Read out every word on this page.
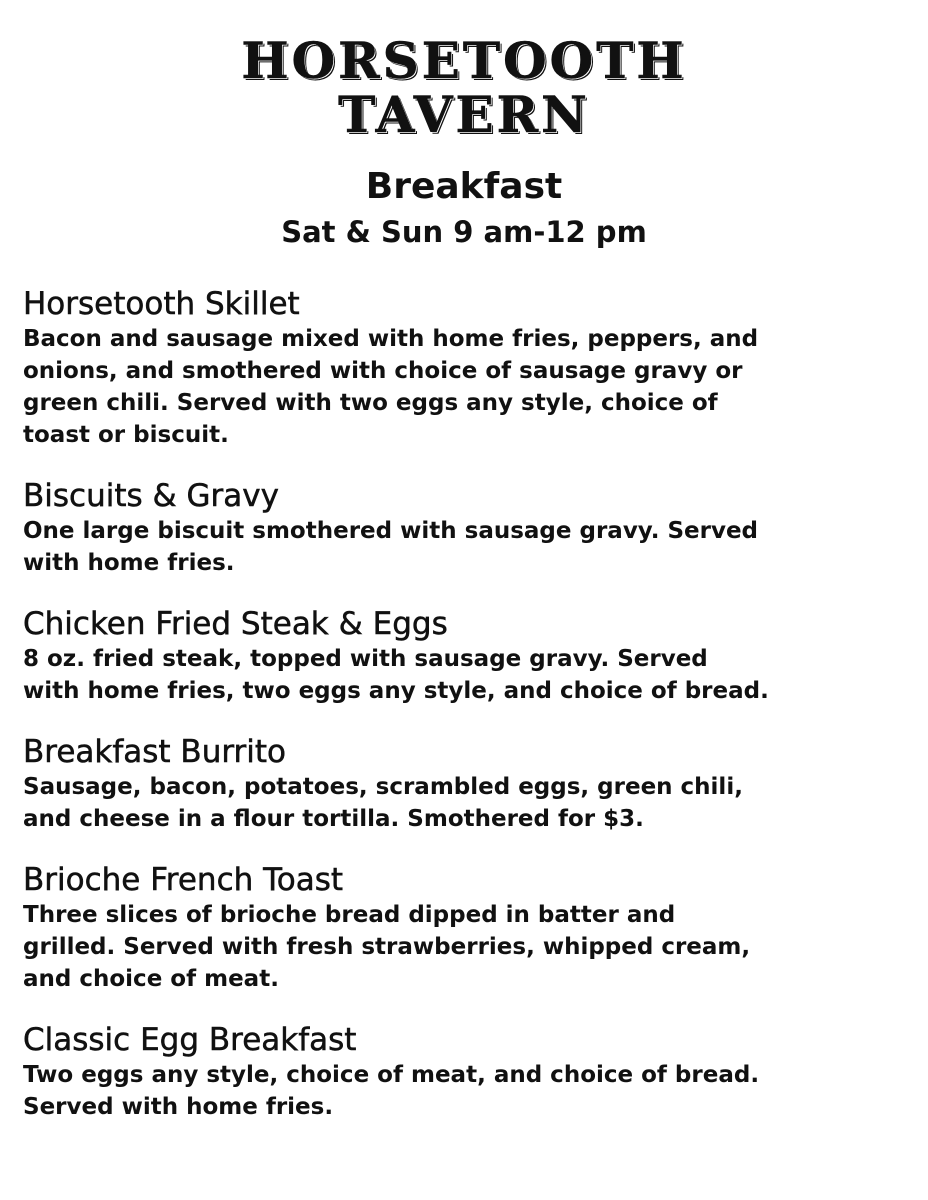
HORSETOOTH
TAVERN
Breakfast
Sat & Sun 9 am-12 pm
Horsetooth Skillet
Bacon and sausage mixed with home fries, peppers, and
onions, and smothered with choice of sausage gravy or
green chili. Served with two eggs any style, choice of
toast or biscuit.
Biscuits & Gravy
One large biscuit smothered with sausage gravy. Served
with home fries.
Chicken Fried Steak & Eggs
8 oz. fried steak, topped with sausage gravy. Served
with home fries, two eggs any style, and choice of bread.
Breakfast Burrito
Sausage, bacon, potatoes, scrambled eggs, green chili,
and cheese in a flour tortilla. Smothered for $3.
Brioche French Toast
Three slices of brioche bread dipped in batter and
grilled. Served with fresh strawberries, whipped cream,
and choice of meat.
Classic Egg Breakfast
Two eggs any style, choice of meat, and choice of bread.
Served with home fries.
